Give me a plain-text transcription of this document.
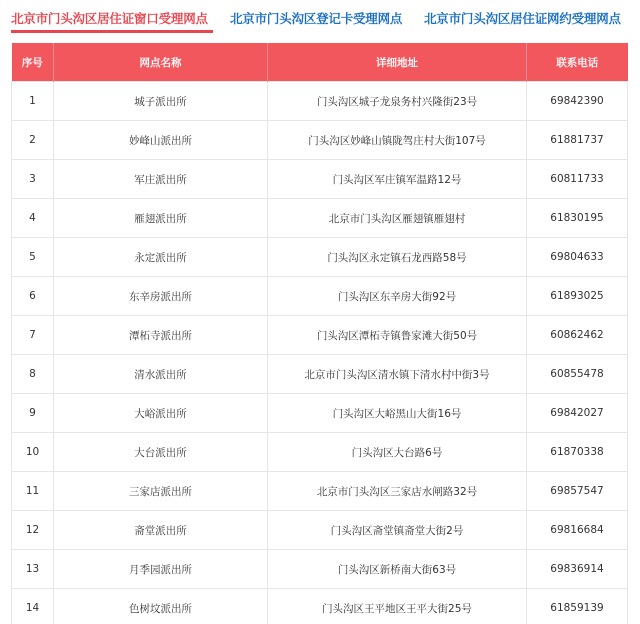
北京市门头沟区居住证窗口受理网点 北京市门头沟区登记卡受理网点 北京市门头沟区居住证网约受理网点
序号	网点名称	详细地址	联系电话
1	城子派出所	门头沟区城子龙泉务村兴隆街23号	69842390
2	妙峰山派出所	门头沟区妙峰山镇陇驾庄村大街107号	61881737
3	军庄派出所	门头沟区军庄镇军温路12号	60811733
4	雁翅派出所	北京市门头沟区雁翅镇雁翅村	61830195
5	永定派出所	门头沟区永定镇石龙西路58号	69804633
6	东辛房派出所	门头沟区东辛房大街92号	61893025
7	潭柘寺派出所	门头沟区潭柘寺镇鲁家滩大街50号	60862462
8	清水派出所	北京市门头沟区清水镇下清水村中街3号	60855478
9	大峪派出所	门头沟区大峪黑山大街16号	69842027
10	大台派出所	门头沟区大台路6号	61870338
11	三家店派出所	北京市门头沟区三家店水闸路32号	69857547
12	斋堂派出所	门头沟区斋堂镇斋堂大街2号	69816684
13	月季园派出所	门头沟区新桥南大街63号	69836914
14	色树坟派出所	门头沟区王平地区王平大街25号	61859139
